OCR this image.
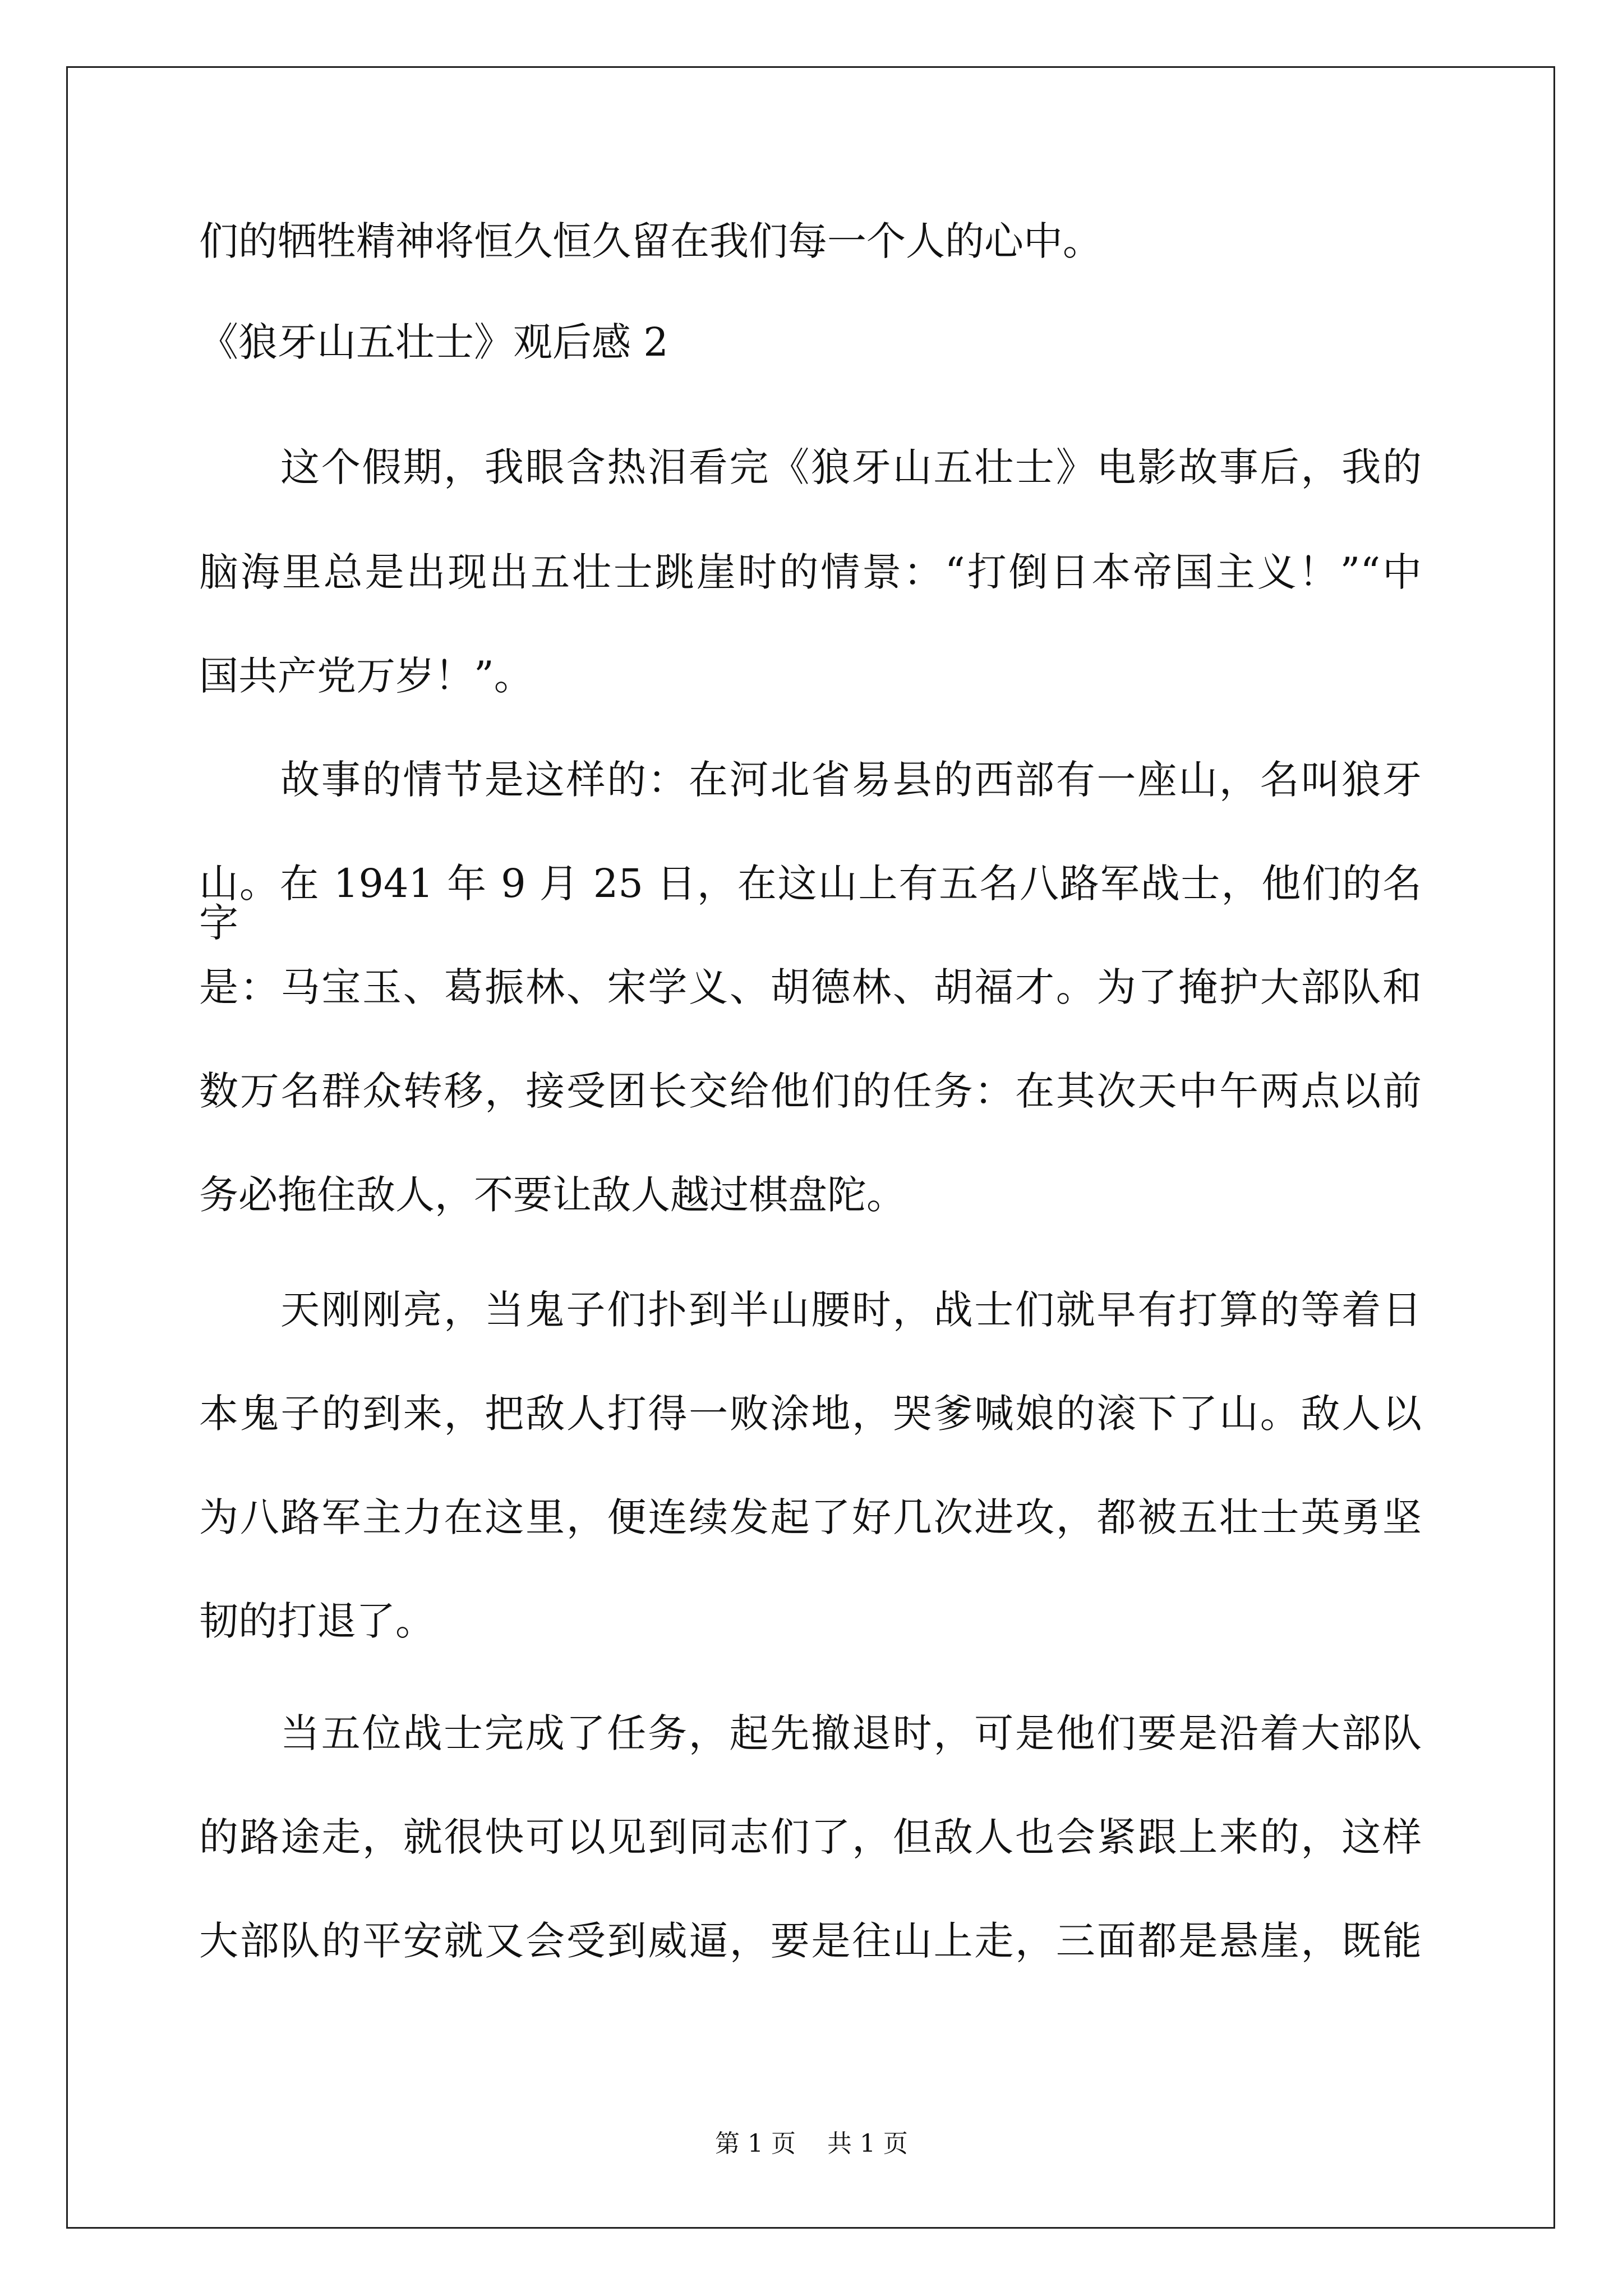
们的牺牲精神将恒久恒久留在我们每一个人的心中。
《狼牙山五壮士》观后感 2
这个假期，我眼含热泪看完《狼牙山五壮士》电影故事后，我的
脑海里总是出现出五壮士跳崖时的情景：“打倒日本帝国主义！”“中
国共产党万岁！”。
故事的情节是这样的：在河北省易县的西部有一座山，名叫狼牙
山。在 1941 年 9 月 25 日，在这山上有五名八路军战士，他们的名字
是：马宝玉、葛振林、宋学义、胡德林、胡福才。为了掩护大部队和
数万名群众转移，接受团长交给他们的任务：在其次天中午两点以前
务必拖住敌人，不要让敌人越过棋盘陀。
天刚刚亮，当鬼子们扑到半山腰时，战士们就早有打算的等着日
本鬼子的到来，把敌人打得一败涂地，哭爹喊娘的滚下了山。敌人以
为八路军主力在这里，便连续发起了好几次进攻，都被五壮士英勇坚
韧的打退了。
当五位战士完成了任务，起先撤退时，可是他们要是沿着大部队
的路途走，就很快可以见到同志们了，但敌人也会紧跟上来的，这样
大部队的平安就又会受到威逼，要是往山上走，三面都是悬崖，既能
第 1 页    共 1 页
